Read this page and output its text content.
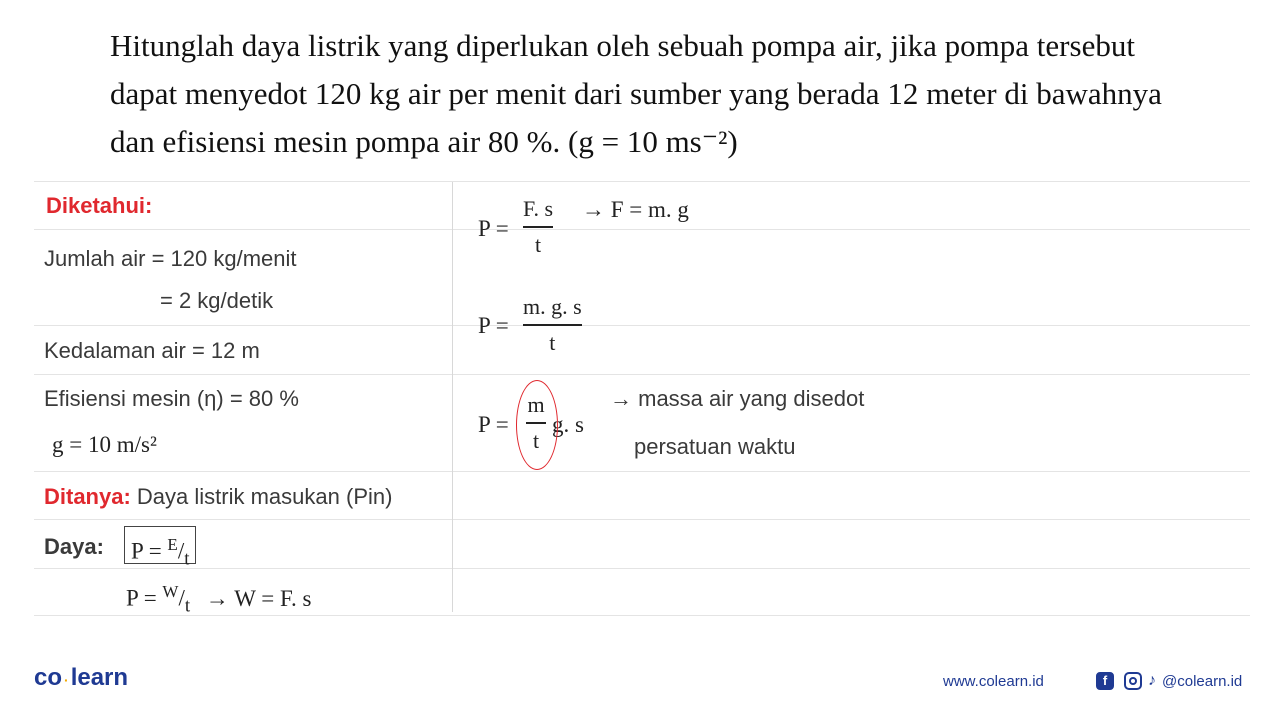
Hitunglah daya listrik yang diperlukan oleh sebuah pompa air, jika pompa tersebut dapat menyedot 120 kg air per menit dari sumber yang berada 12 meter di bawahnya dan efisiensi mesin pompa air 80 %. (g = 10 ms⁻²)
Diketahui:
Jumlah air = 120 kg/menit
= 2 kg/detik
Kedalaman air = 12 m
Efisiensi mesin (η) = 80 %
g = 10 m/s²
Ditanya: Daya listrik masukan (Pin)
Daya:	$P = ^E/_t$
$P = ^W/_t \to W = F$. s
P =
F. s
t
→ F = m. g
P =
m. g. s
t
P =
m
t
g. s
→ massa air yang disedot
persatuan waktu
co ·learn	www.colearn.id	f	♪ @colearn.id
